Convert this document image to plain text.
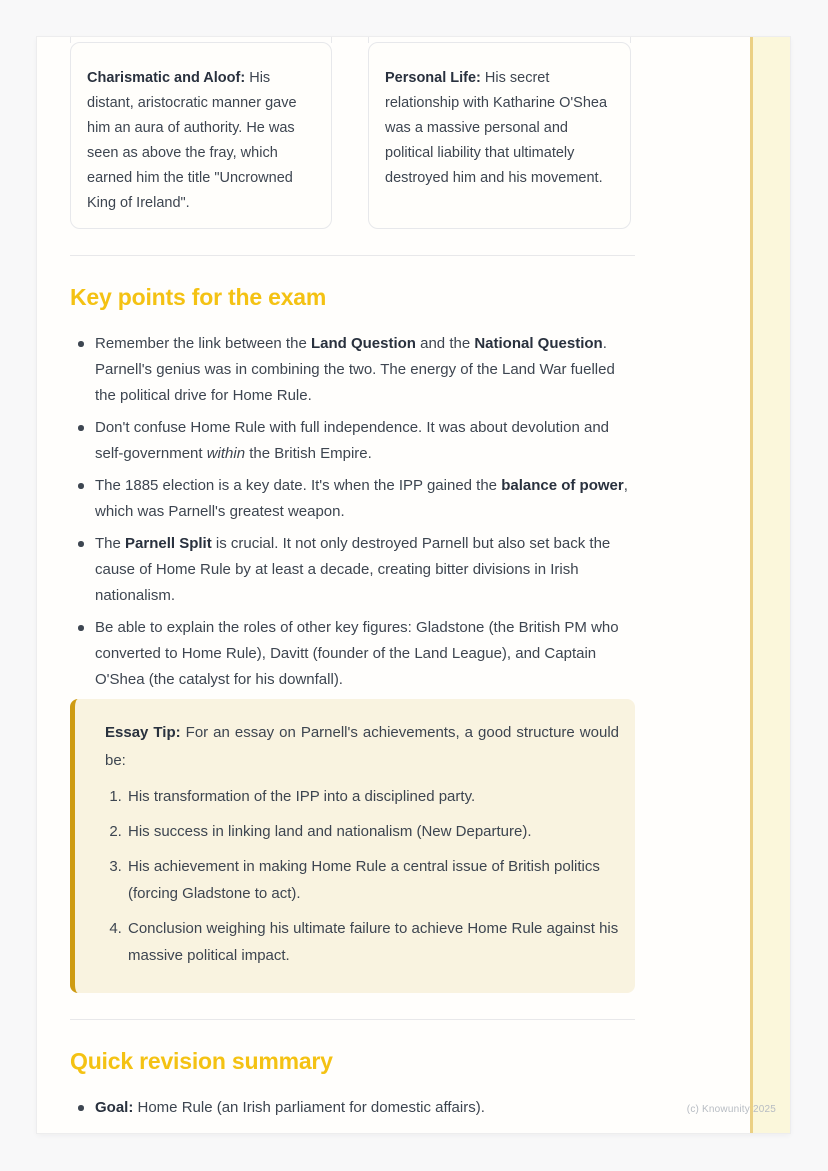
Charismatic and Aloof: His distant, aristocratic manner gave him an aura of authority. He was seen as above the fray, which earned him the title "Uncrowned King of Ireland".
Personal Life: His secret relationship with Katharine O'Shea was a massive personal and political liability that ultimately destroyed him and his movement.
Key points for the exam
Remember the link between the Land Question and the National Question. Parnell's genius was in combining the two. The energy of the Land War fuelled the political drive for Home Rule.
Don't confuse Home Rule with full independence. It was about devolution and self-government within the British Empire.
The 1885 election is a key date. It's when the IPP gained the balance of power, which was Parnell's greatest weapon.
The Parnell Split is crucial. It not only destroyed Parnell but also set back the cause of Home Rule by at least a decade, creating bitter divisions in Irish nationalism.
Be able to explain the roles of other key figures: Gladstone (the British PM who converted to Home Rule), Davitt (founder of the Land League), and Captain O'Shea (the catalyst for his downfall).

Essay Tip: For an essay on Parnell's achievements, a good structure would be:

1. His transformation of the IPP into a disciplined party.
2. His success in linking land and nationalism (New Departure).
3. His achievement in making Home Rule a central issue of British politics (forcing Gladstone to act).
4. Conclusion weighing his ultimate failure to achieve Home Rule against his massive political impact.
Quick revision summary
Goal: Home Rule (an Irish parliament for domestic affairs).	(c) Knowunity 2025
